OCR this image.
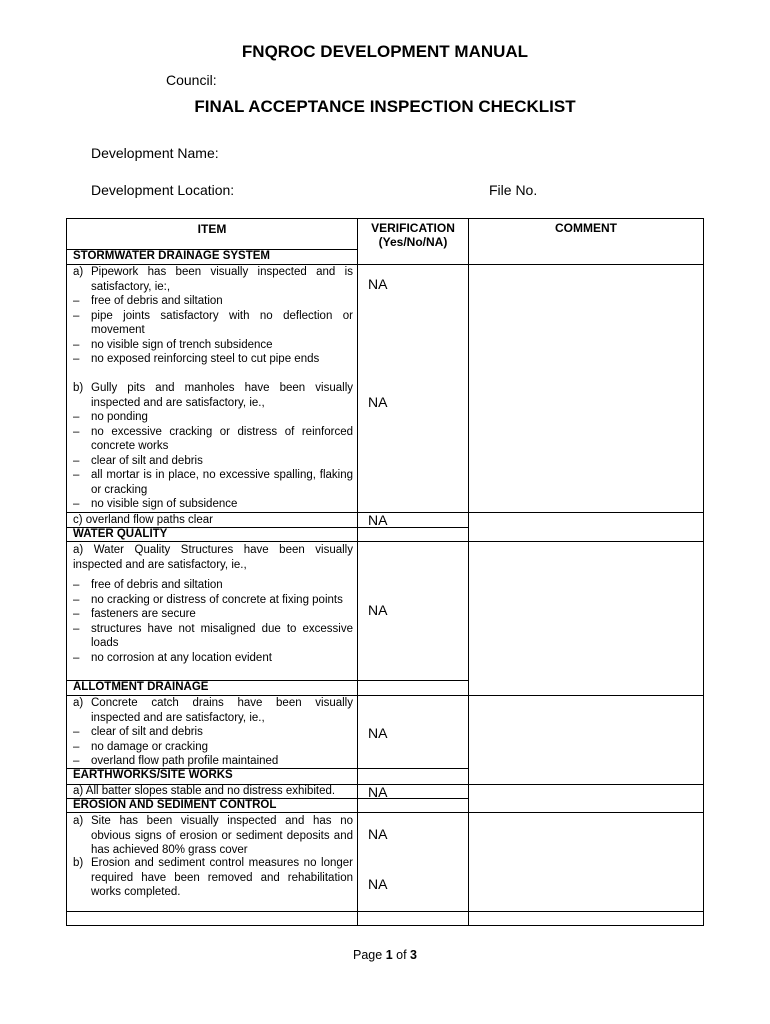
FNQROC DEVELOPMENT MANUAL
Council:
FINAL ACCEPTANCE INSPECTION CHECKLIST
Development Name:
Development Location:	File No.
ITEM	VERIFICATION
(Yes/No/NA)
COMMENT
STORMWATER DRAINAGE SYSTEM
a) Pipework has been visually inspected and is satisfactory, ie:,
–	free of debris and siltation
–	pipe joints satisfactory with no deflection or movement
–	no visible sign of trench subsidence
–	no exposed reinforcing steel to cut pipe ends
NA
b) Gully pits and manholes have been visually inspected and are satisfactory, ie.,
–	no ponding
–	no excessive cracking or distress of reinforced concrete works
–	clear of silt and debris
–	all mortar is in place, no excessive spalling, flaking or cracking
–	no visible sign of subsidence
NA
c) overland flow paths clear	NA
WATER QUALITY
a) Water Quality Structures have been visually inspected and are satisfactory, ie.,
–	free of debris and siltation
–	no cracking or distress of concrete at fixing points
–	fasteners are secure
–	structures have not misaligned due to excessive loads
–	no corrosion at any location evident
NA
ALLOTMENT DRAINAGE
a) Concrete catch drains have been visually inspected and are satisfactory, ie.,
–	clear of silt and debris
–	no damage or cracking
–	overland flow path profile maintained
NA
EARTHWORKS/SITE WORKS
a) All batter slopes stable and no distress exhibited.	NA
EROSION AND SEDIMENT CONTROL
a) Site has been visually inspected and has no obvious signs of erosion or sediment deposits and has achieved 80% grass cover
NA
b) Erosion and sediment control measures no longer required have been removed and rehabilitation works completed.	NA
Page 1 of 3
